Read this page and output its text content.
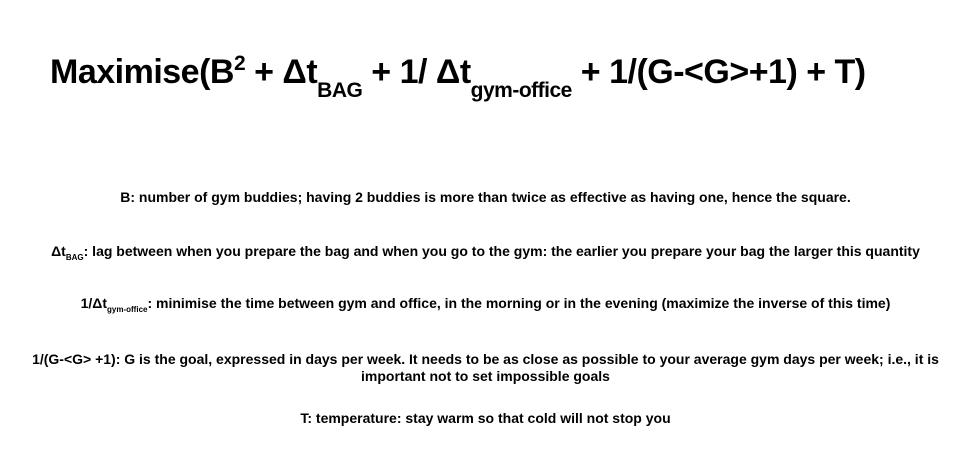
$Maximise(B^2 + \Delta t_{BAG} + 1/$ $\Delta t_{gym-office} + 1/(G-<G>+1) + T$)
B: number of gym buddies; having 2 buddies is more than twice as effective as having one, hence the square.
$\Delta t_{BAG}$: lag between when you prepare the bag and when you go to the gym: the earlier you prepare your bag the larger this quantity
$1/\Delta t_{gym-office}$: minimise the time between gym and office, in the morning or in the evening (maximize the inverse of this time)
1/(G-<G> +1): G is the goal, expressed in days per week. It needs to be as close as possible to your average gym days per week; i.e., it is
important not to set impossible goals
T: temperature: stay warm so that cold will not stop you
